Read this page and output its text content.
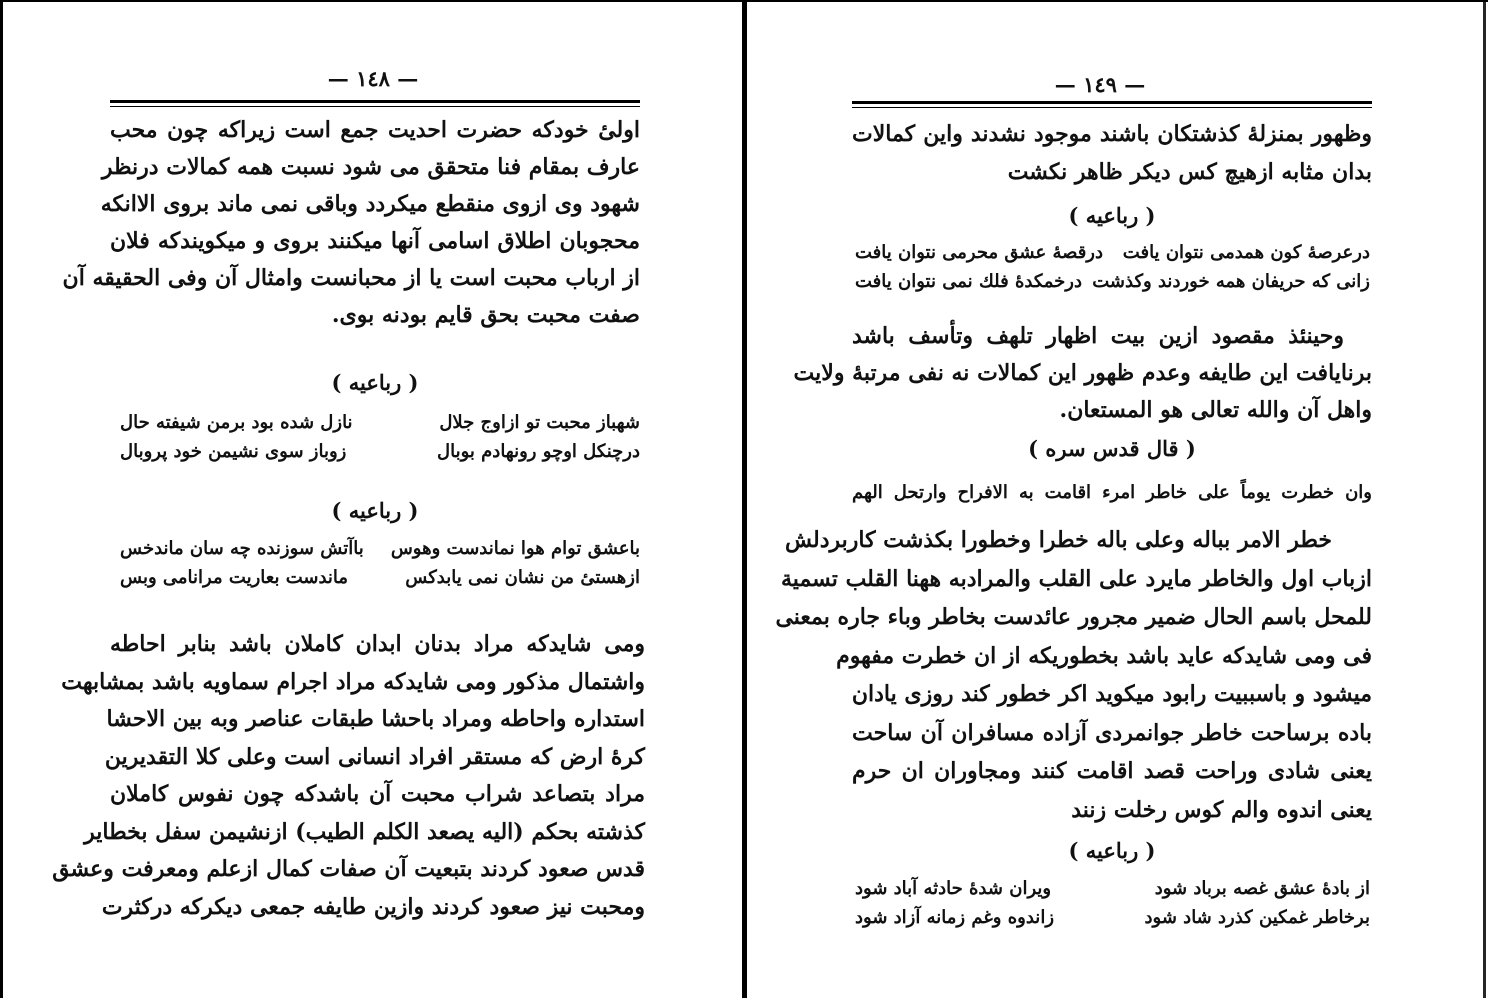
— ١٤٨ —
اولیٔ خودکه حضرت احدیت جمع است زیراکه چون محب
عارف بمقام فنا متحقق می شود نسبت همه کمالات درنظر
شهود وی ازوی منقطع میکردد وباقی نمی ماند بروی الاانکه
محجوبان اطلاق اسامی آنها میکنند بروی و میکویندکه فلان
از ارباب محبت است یا از محبانست وامثال آن وفی الحقیقه آن
صفت محبت بحق قایم بودنه بوی.
( رباعیه )
شهباز محبت تو ازاوج جلال
نازل شده بود برمن شیفته حال
درچنکل اوچو رونهادم بوبال
زوباز سوی نشیمن خود پروبال
( رباعیه )
باعشق توام هوا نماندست وهوس
باآتش سوزنده چه سان ماندخس
ازهستیٔ من نشان نمی یابدکس
ماندست بعاریت مرانامی وبس
ومی شایدکه مراد بدنان ابدان کاملان باشد بنابر احاطه
واشتمال مذکور ومی شایدکه مراد اجرام سماویه باشد بمشابهت
استداره واحاطه ومراد باحشا طبقات عناصر وبه بین الاحشا
کرهٔ ارض که مستقر افراد انسانی است وعلی کلا التقدیرین
مراد بتصاعد شراب محبت آن باشدکه چون نفوس کاملان
کذشته بحکم (الیه یصعد الکلم الطیب) ازنشیمن سفل بخطایر
قدس صعود کردند بتبعیت آن صفات کمال ازعلم ومعرفت وعشق
ومحبت نیز صعود کردند وازین طایفه جمعی دیکرکه درکثرت
— ١٤٩ —
وظهور بمنزلهٔ کذشتکان باشند موجود نشدند واین کمالات
بدان مثابه ازهیچ کس دیکر ظاهر نکشت
( رباعیه )
درعرصهٔ کون همدمی نتوان یافت
درقصهٔ عشق محرمی نتوان یافت
زانی که حریفان همه خوردند وکذشت
درخمکدهٔ فلك نمی نتوان یافت
وحینئذ مقصود ازین بیت اظهار تلهف وتأسف باشد
برنایافت این طایفه وعدم ظهور این کمالات نه نفی مرتبهٔ ولایت
واهل آن والله تعالی هو المستعان.
( قال قدس سره )
وان خطرت یوماً علی خاطر امرء اقامت به الافراح وارتحل الهم
خطر الامر بباله وعلی باله خطرا وخطورا بکذشت کاربردلش
ازباب اول والخاطر مایرد علی القلب والمرادبه ههنا القلب تسمیة
للمحل باسم الحال ضمیر مجرور عائدست بخاطر وباء جاره بمعنی
فی ومی شایدکه عاید باشد بخطوریکه از ان خطرت مفهوم
میشود و باسببیت رابود میکوید اکر خطور کند روزی یادان
باده برساحت خاطر جوانمردی آزاده مسافران آن ساحت
یعنی شادی وراحت قصد اقامت کنند ومجاوران ان حرم
یعنی اندوه والم کوس رخلت زنند
( رباعیه )
از بادهٔ عشق غصه برباد شود
ویران شدهٔ حادثه آباد شود
برخاطر غمکین کذرد شاد شود
زاندوه وغم زمانه آزاد شود
